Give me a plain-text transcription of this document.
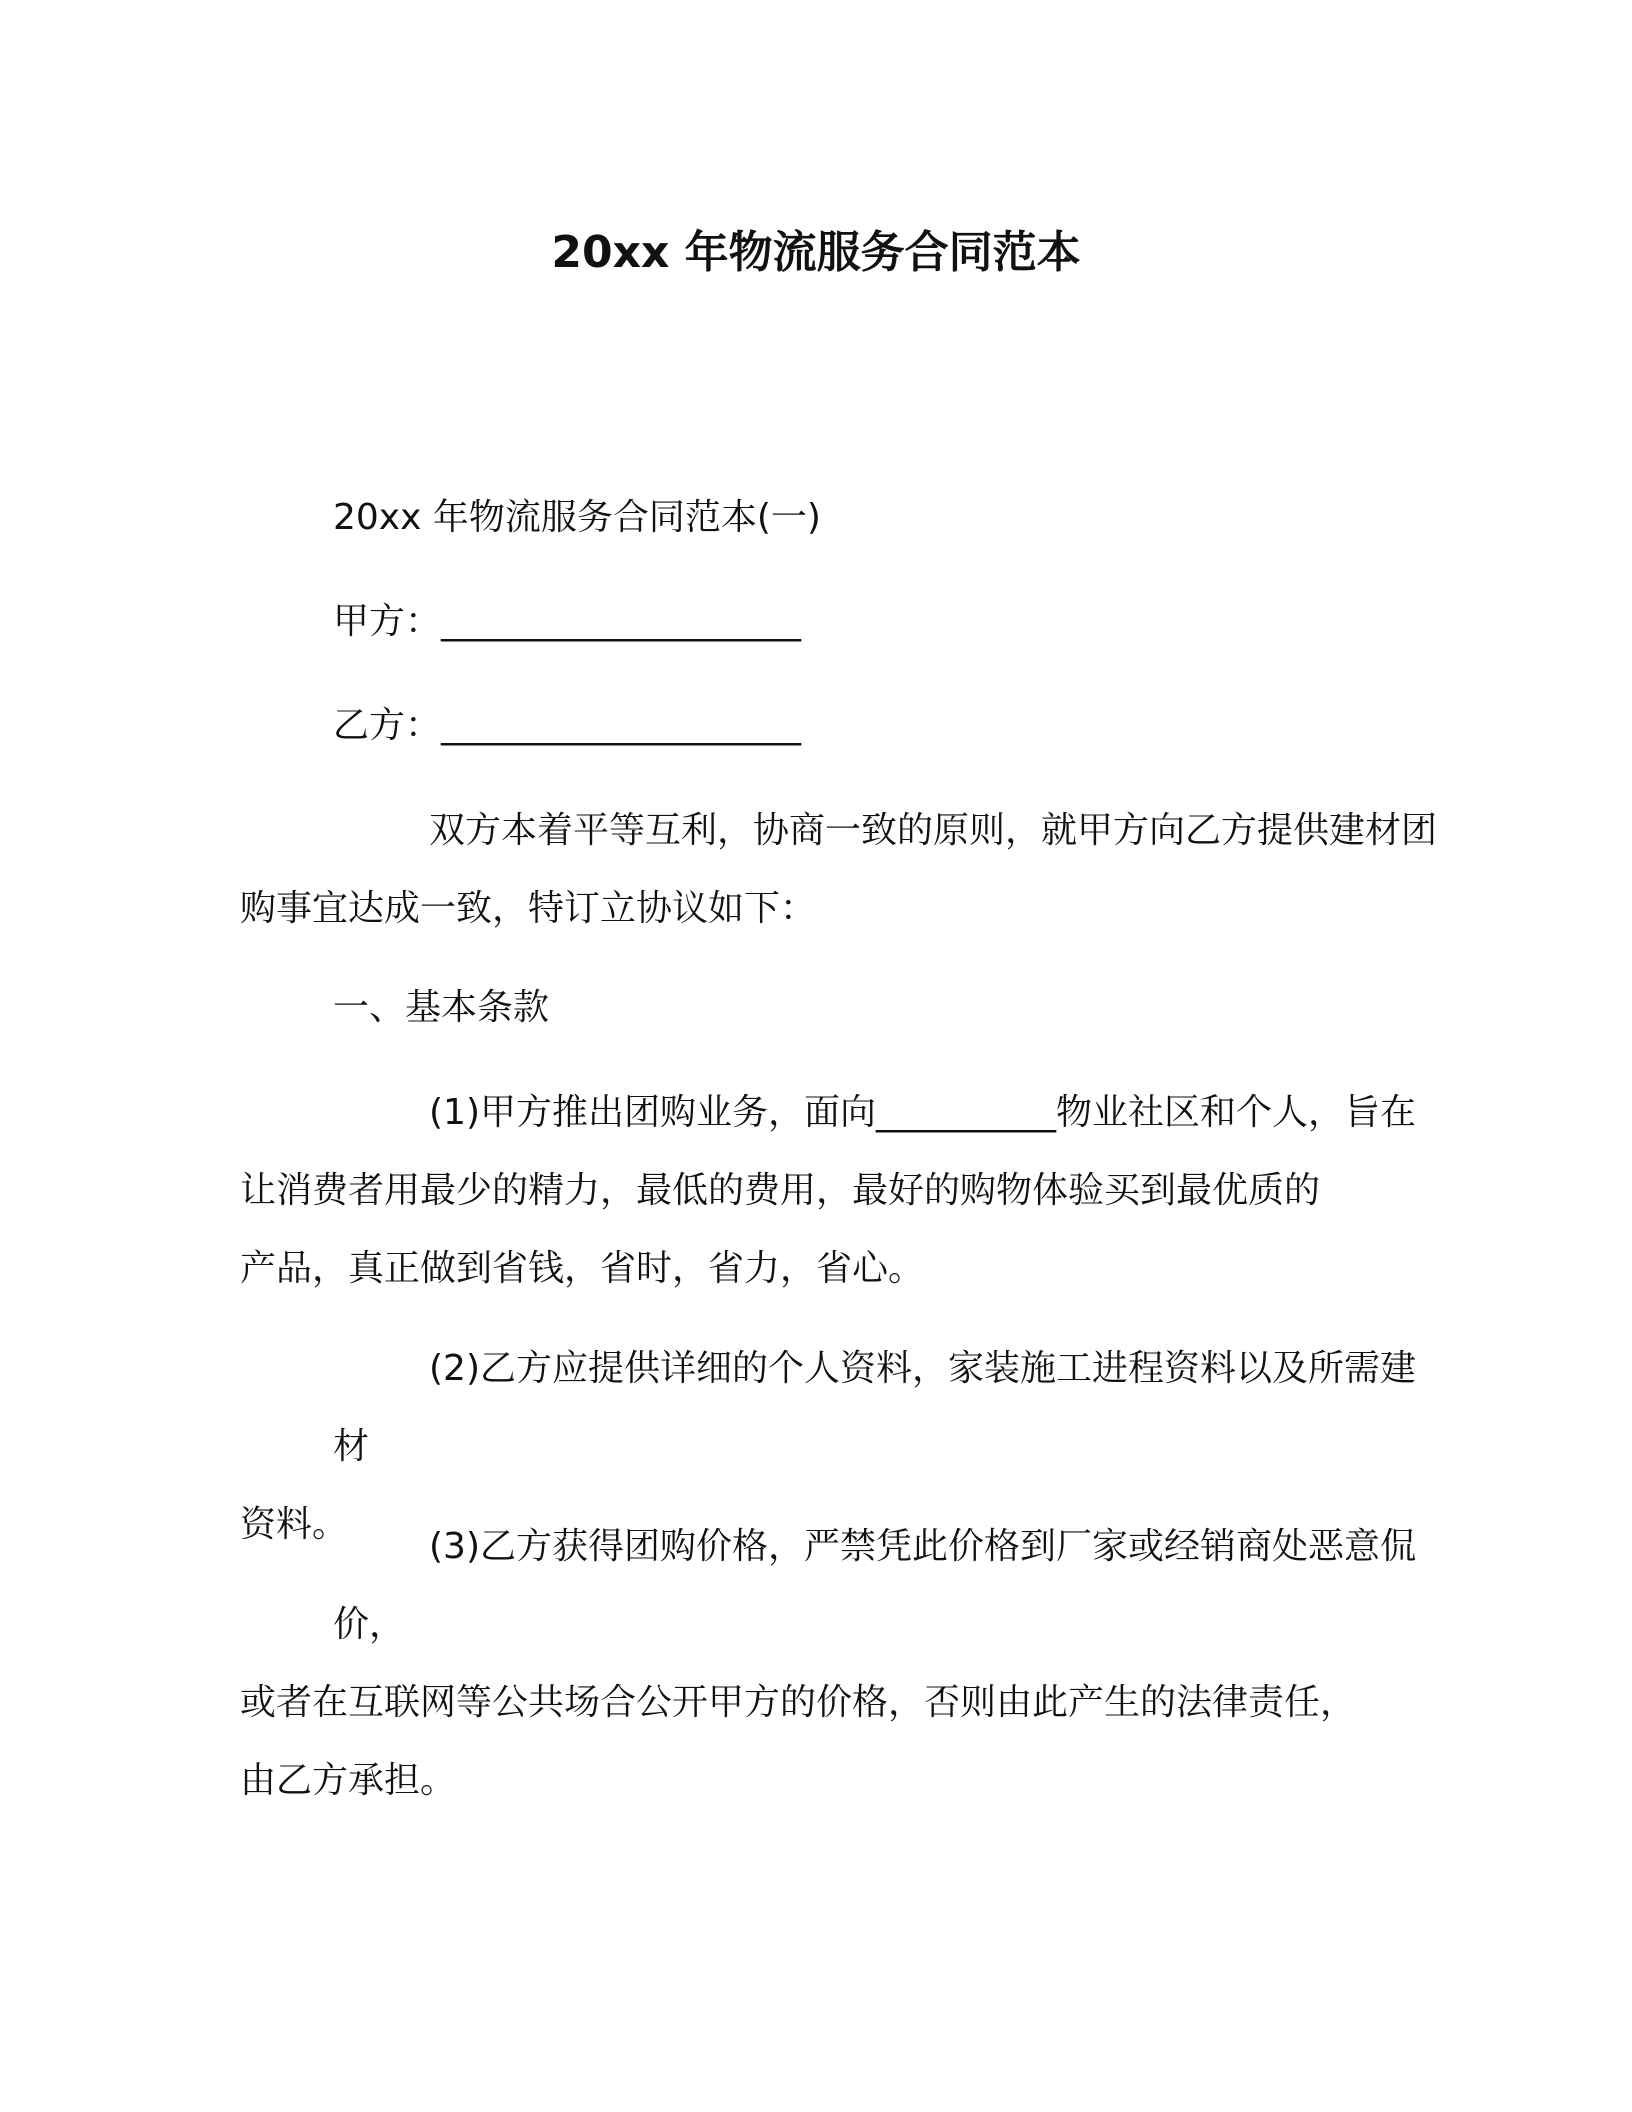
20xx 年物流服务合同范本
20xx 年物流服务合同范本(一)
甲方：____________________
乙方：____________________
双方本着平等互利，协商一致的原则，就甲方向乙方提供建材团
购事宜达成一致，特订立协议如下：
一、基本条款
(1)甲方推出团购业务，面向__________物业社区和个人，旨在
让消费者用最少的精力，最低的费用，最好的购物体验买到最优质的
产品，真正做到省钱，省时，省力，省心。
(2)乙方应提供详细的个人资料，家装施工进程资料以及所需建材
资料。
(3)乙方获得团购价格，严禁凭此价格到厂家或经销商处恶意侃价，
或者在互联网等公共场合公开甲方的价格，否则由此产生的法律责任，
由乙方承担。
